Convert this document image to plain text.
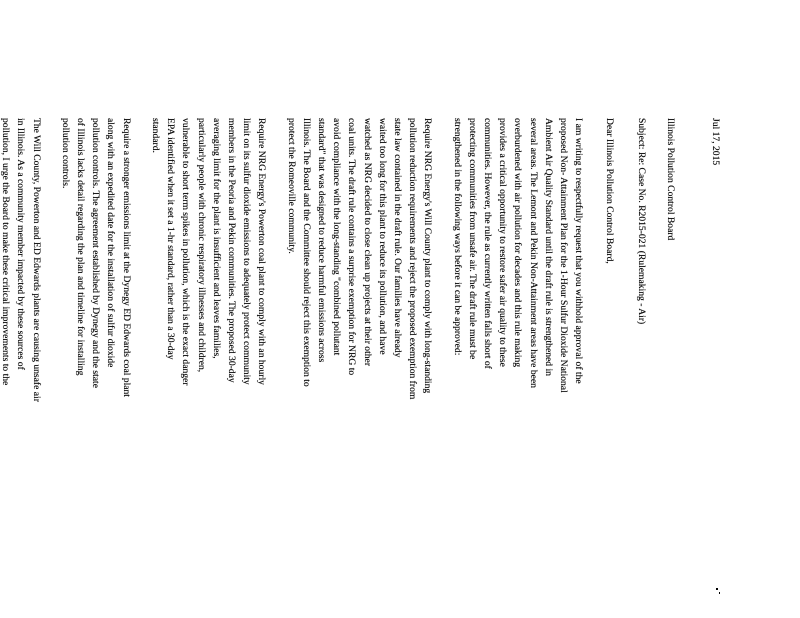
Jul 17, 2015

Illinois Pollution Control Board

Subject: Re: Case No. R2015-021 (Rulemaking - Air)

Dear Illinois Pollution Control Board,

I am writing to respectfully request that you withhold approval of the
proposed Non- Attainment Plan for the 1-Hour Sulfur Dioxide National
Ambient Air Quality Standard until the draft rule is strengthened in
several areas. The Lemont and Pekin Non-Attainment areas have been
overburdened with air pollution for decades and this rule making
provides a critical opportunity to restore safer air quality to these
communities. However, the rule as currently written falls short of
protecting communities from unsafe air. The draft rule must be
strengthened in the following ways before it can be approved:

Require NRG Energy's Will County plant to comply with long-standing
pollution reduction requirements and reject the proposed exemption from
state law contained in the draft rule. Our families have already
waited too long for this plant to reduce its pollution, and have
watched as NRG decided to close clean up projects at their other
coal units. The draft rule contains a surprise exemption for NRG to
avoid compliance with the long-standing "combined pollutant
standard" that was designed to reduce harmful emissions across
Illinois. The Board and the Committee should reject this exemption to
protect the Romeoville community.

Require NRG Energy's Powerton coal plant to comply with an hourly
limit on its sulfur dioxide emissions to adequately protect community
members in the Peoria and Pekin communities. The proposed 30-day
averaging limit for the plant is insufficient and leaves families,
particularly people with chronic respiratory illnesses and children,
vulnerable to short term spikes in pollution, which is the exact danger
EPA identified when it set a 1-hr standard, rather than a 30-day
standard.

Require a stronger emissions limit at the Dynegy ED Edwards coal plant
along with an expedited date for the installation of sulfur dioxide
pollution controls. The agreement established by Dynegy and the state
of Illinois lacks detail regarding the plan and timeline for installing
pollution controls.

The Will County, Powerton and ED Edwards plants are causing unsafe air
in Illinois. As a community member impacted by these sources of
pollution, I urge the Board to make these critical improvements to the
